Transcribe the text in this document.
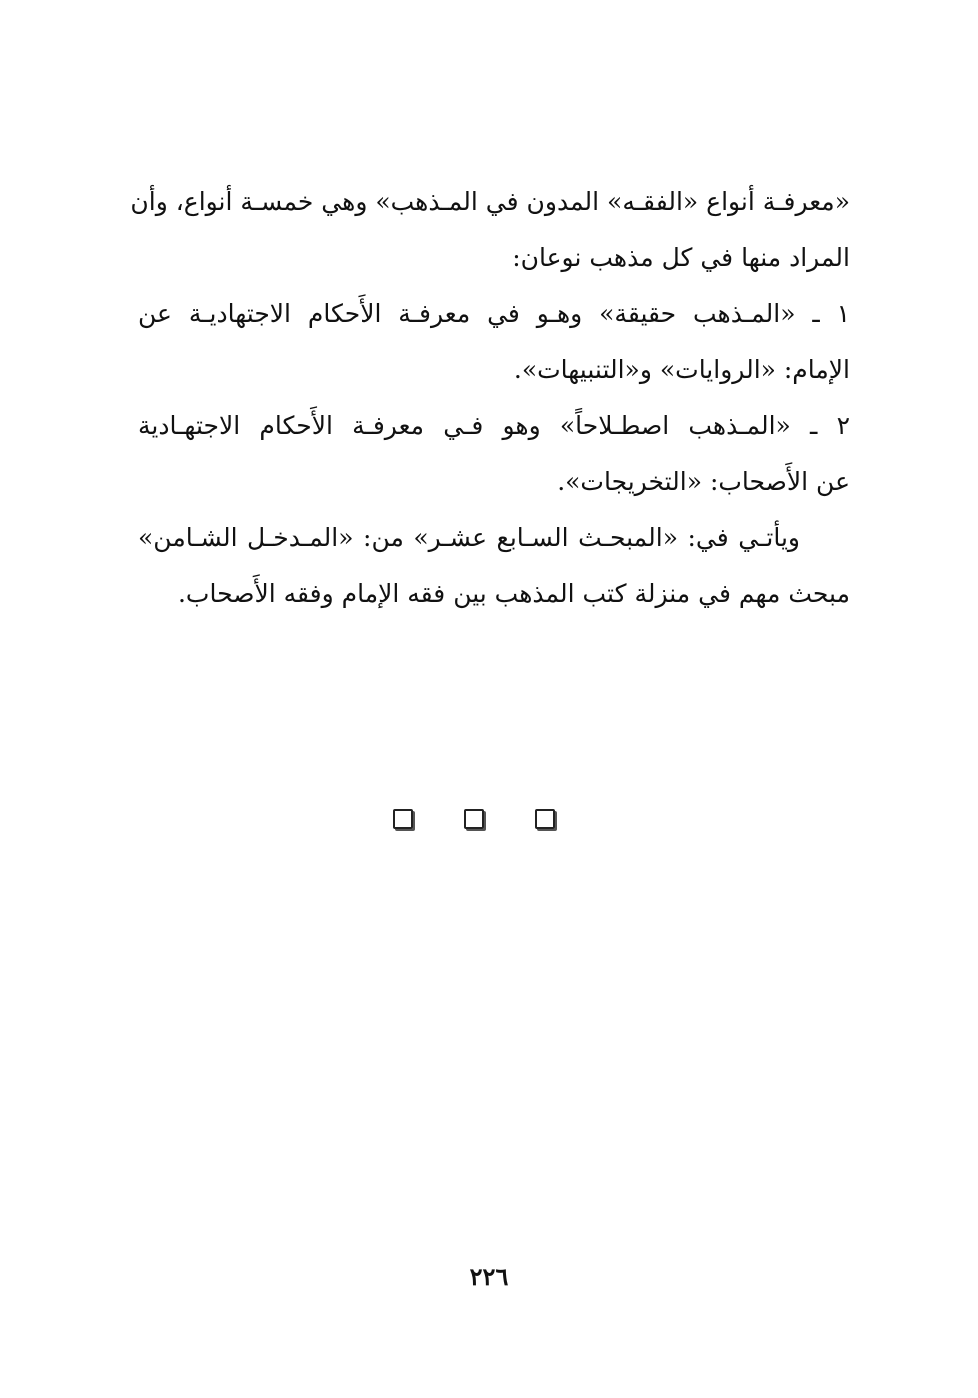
«معرفـة أنواع «الفقـه» المدون في المـذهب» وهي خمسـة أنواع، وأن
المراد منها في كل مذهب نوعان:
١ ـ «المـذهب حقيقة» وهـو في معرفـة الأَحكام الاجتهاديـة عن
الإمام: «الروايات» و«التنبيهات».
٢ ـ «المـذهب اصطـلاحاً» وهو فـي معرفـة الأَحكام الاجتهـادية
عن الأَصحاب: «التخريجات».
ويأتـي في: «المبحـث السـابع عشـر» من: «المـدخـل الشـامن»
مبحث مهم في منزلة كتب المذهب بين فقه الإمام وفقه الأَصحاب.
٢٢٦
